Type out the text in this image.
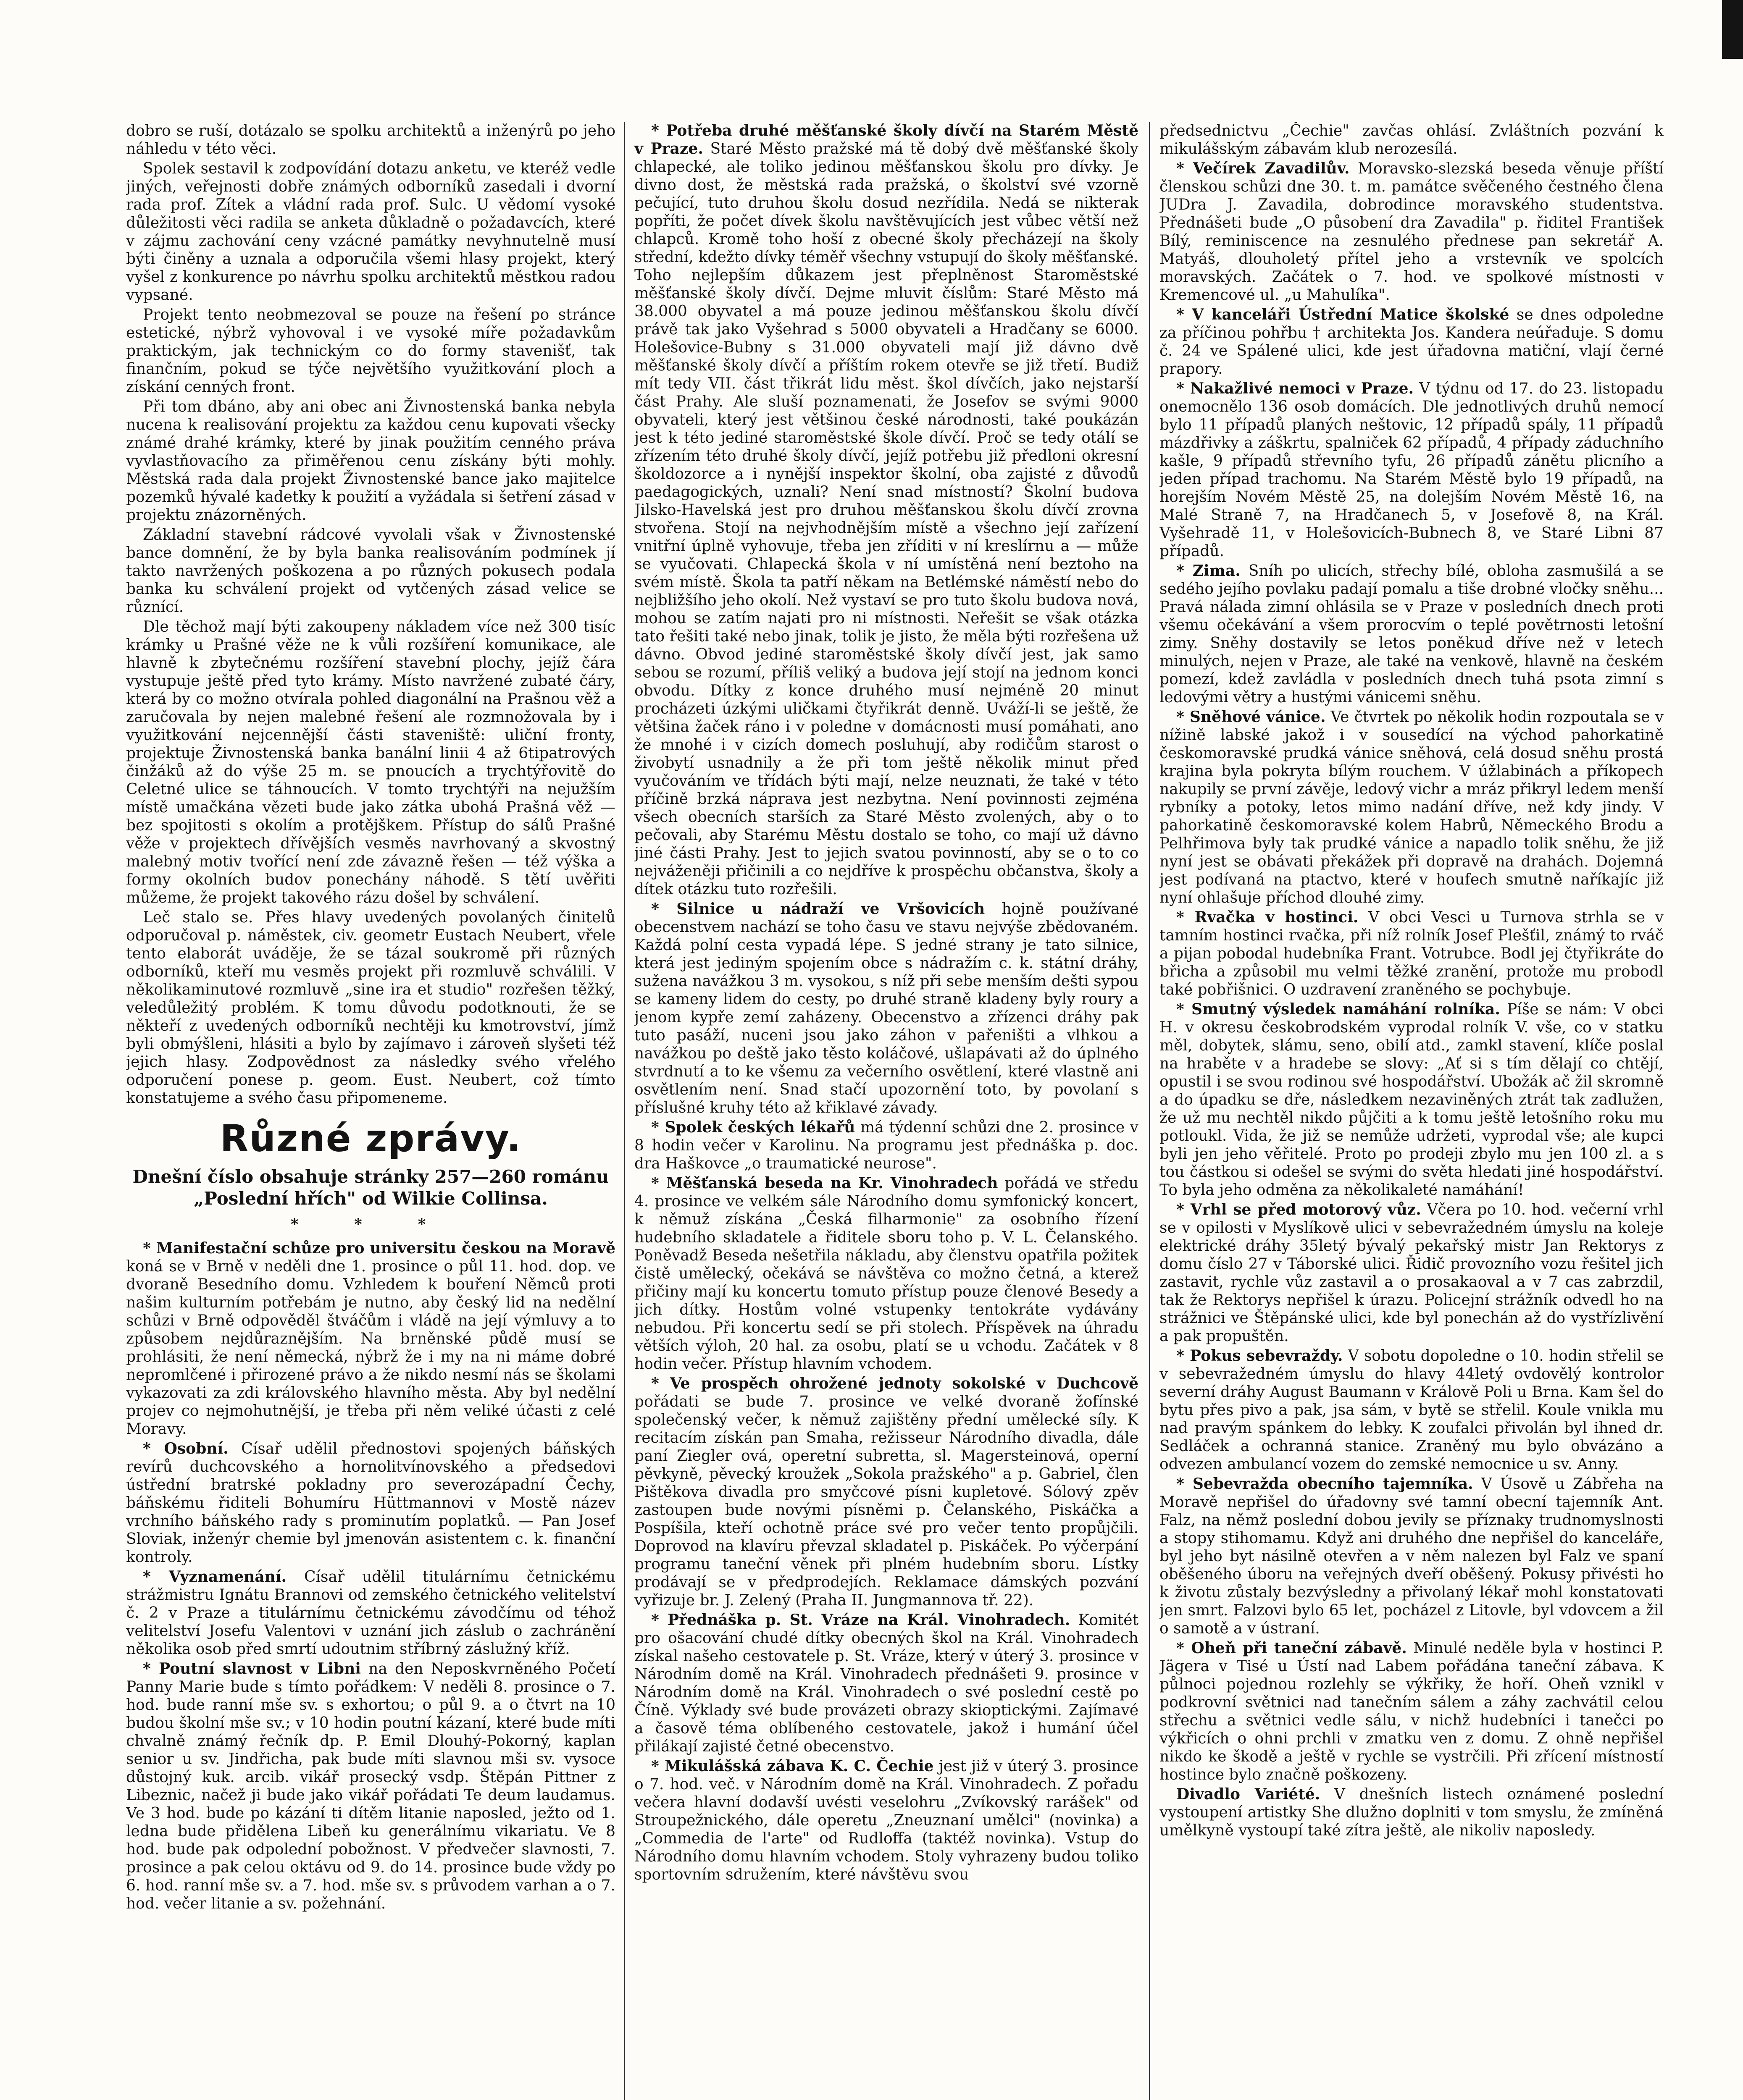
dobro se ruší, dotázalo se spolku architektů a inženýrů po jeho náhledu v této věci.

Spolek sestavil k zodpovídání dotazu anketu, ve kteréž vedle jiných, veřejnosti dobře známých odborníků zasedali i dvorní rada prof. Zítek a vládní rada prof. Sulc. U vědomí vysoké důležitosti věci radila se anketa důkladně o požadavcích, které v zájmu zachování ceny vzácné památky nevyhnutelně musí býti činěny a uznala a odporučila všemi hlasy projekt, který vyšel z konkurence po návrhu spolku architektů městkou radou vypsané.

Projekt tento neobmezoval se pouze na řešení po stránce estetické, nýbrž vyhovoval i ve vysoké míře požadavkům praktickým, jak technickým co do formy stavenišť, tak finančním, pokud se týče největšího využitkování ploch a získání cenných front.

Při tom dbáno, aby ani obec ani Živnostenská banka nebyla nucena k realisování projektu za každou cenu kupovati všecky známé drahé krámky, které by jinak použitím cenného práva vyvlastňovacího za přiměřenou cenu získány býti mohly. Městská rada dala projekt Živnostenské bance jako majitelce pozemků hývalé kadetky k použití a vyžádala si šetření zásad v projektu znázorněných.

Základní stavební rádcové vyvolali však v Živnostenské bance domnění, že by byla banka realisováním podmínek jí takto navržených poškozena a po různých pokusech podala banka ku schválení projekt od vytčených zásad velice se různící.

Dle těchož mají býti zakoupeny nákladem více než 300 tisíc krámky u Prašné věže ne k vůli rozšíření komunikace, ale hlavně k zbytečnému rozšíření stavební plochy, jejíž čára vystupuje ještě před tyto krámy. Místo navržené zubaté čáry, která by co možno otvírala pohled diagonální na Prašnou věž a zaručovala by nejen malebné řešení ale rozmnožovala by i využitkování nejcennější části staveniště: uliční fronty, projektuje Živnostenská banka banální linii 4 až 6tipatrových činžáků až do výše 25 m. se pnoucích a trychtýřovitě do Celetné ulice se táhnoucích. V tomto trychtýři na nejužším místě umačkána vězeti bude jako zátka ubohá Prašná věž — bez spojitosti s okolím a protějškem. Přístup do sálů Prašné věže v projektech dřívějších vesměs navrhovaný a skvostný malebný motiv tvořící není zde závazně řešen — též výška a formy okolních budov ponechány náhodě. S tětí uvěřiti můžeme, že projekt takového rázu došel by schválení.

Leč stalo se. Přes hlavy uvedených povolaných činitelů odporučoval p. náměstek, civ. geometr Eustach Neubert, vřele tento elaborát uváděje, že se tázal soukromě při různých odborníků, kteří mu vesměs projekt při rozmluvě schválili. V několikaminutové rozmluvě „sine ira et studio" rozřešen těžký, veledůležitý problém. K tomu důvodu podotknouti, že se někteří z uvedených odborníků nechtěji ku kmotrovství, jímž byli obmýšleni, hlásiti a bylo by zajímavo i zároveň slyšeti též jejich hlasy. Zodpovědnost za následky svého vřelého odporučení ponese p. geom. Eust. Neubert, což tímto konstatujeme a svého času připomeneme.

Různé zprávy.

Dnešní číslo obsahuje stránky 257—260 románu „Poslední hřích" od Wilkie Collinsa.

* * *

* Manifestační schůze pro universitu českou na Moravě koná se v Brně v neděli dne 1. prosince o půl 11. hod. dop. ve dvoraně Besedního domu. Vzhledem k bouření Němců proti našim kulturním potřebám je nutno, aby český lid na nedělní schůzi v Brně odpověděl štváčům i vládě na její výmluvy a to způsobem nejdůraznějším. Na brněnské půdě musí se prohlásiti, že není německá, nýbrž že i my na ni máme dobré nepromlčené i přirozené právo a že nikdo nesmí nás se školami vykazovati za zdi královského hlavního města. Aby byl nedělní projev co nejmohutnější, je třeba při něm veliké účasti z celé Moravy.

* Osobní. Císař udělil přednostovi spojených báňských revírů duchcovského a hornolitvínovského a předsedovi ústřední bratrské pokladny pro severozápadní Čechy, báňskému řiditeli Bohumíru Hüttmannovi v Mostě název vrchního báňského rady s prominutím poplatků. — Pan Josef Sloviak, inženýr chemie byl jmenován asistentem c. k. finanční kontroly.

* Vyznamenání. Císař udělil titulárnímu četnickému strážmistru Ignátu Brannovi od zemského četnického velitelství č. 2 v Praze a titulárnímu četnickému závodčímu od téhož velitelství Josefu Valentovi v uznání jich záslub o zachránění několika osob před smrtí udoutnim stříbrný záslužný kříž.

* Poutní slavnost v Libni na den Neposkvrněného Početí Panny Marie bude s tímto pořádkem: V neděli 8. prosince o 7. hod. bude ranní mše sv. s exhortou; o půl 9. a o čtvrt na 10 budou školní mše sv.; v 10 hodin poutní kázaní, které bude míti chvalně známý řečník dp. P. Emil Dlouhý-Pokorný, kaplan senior u sv. Jindřicha, pak bude míti slavnou mši sv. vysoce důstojný kuk. arcib. vikář prosecký vsdp. Štěpán Pittner z Libeznic, načež ji bude jako vikář pořádati Te deum laudamus. Ve 3 hod. bude po kázání ti dítěm litanie naposled, ježto od 1. ledna bude přidělena Libeň ku generálnímu vikariatu. Ve 8 hod. bude pak odpolední pobožnost. V předvečer slavnosti, 7. prosince a pak celou oktávu od 9. do 14. prosince bude vždy po 6. hod. ranní mše sv. a 7. hod. mše sv. s průvodem varhan a o 7. hod. večer litanie a sv. požehnání.

* Potřeba druhé měšťanské školy dívčí na Starém Městě v Praze. Staré Město pražské má tě dobý dvě měšťanské školy chlapecké, ale toliko jedinou měšťanskou školu pro dívky. Je divno dost, že městská rada pražská, o školství své vzorně pečující, tuto druhou školu dosud nezřídila. Nedá se nikterak popříti, že počet dívek školu navštěvujících jest vůbec větší než chlapců. Kromě toho hoší z obecné školy přecházejí na školy střední, kdežto dívky téměř všechny vstupují do školy měšťanské. Toho nejlepším důkazem jest přeplněnost Staroměstské měšťanské školy dívčí. Dejme mluvit číslům: Staré Město má 38.000 obyvatel a má pouze jedinou měšťanskou školu dívčí právě tak jako Vyšehrad s 5000 obyvateli a Hradčany se 6000. Holešovice-Bubny s 31.000 obyvateli mají již dávno dvě měšťanské školy dívčí a příštím rokem otevře se již třetí. Budiž mít tedy VII. část třikrát lidu měst. škol dívčích, jako nejstarší část Prahy. Ale sluší poznamenati, že Josefov se svými 9000 obyvateli, který jest většinou české národnosti, také poukázán jest k této jediné staroměstské škole dívčí. Proč se tedy otálí se zřízením této druhé školy dívčí, jejíž potřebu již předloni okresní školdozorce a i nynější inspektor školní, oba zajisté z důvodů paedagogických, uznali? Není snad místností? Školní budova Jilsko-Havelská jest pro druhou měšťanskou školu dívčí zrovna stvořena. Stojí na nejvhodnějším místě a všechno její zařízení vnitřní úplně vyhovuje, třeba jen zříditi v ní kreslírnu a — může se vyučovati. Chlapecká škola v ní umístěná není beztoho na svém místě. Škola ta patří někam na Betlémské náměstí nebo do nejbližšího jeho okolí. Než vystaví se pro tuto školu budova nová, mohou se zatím najati pro ni místnosti. Neřešit se však otázka tato řešiti také nebo jinak, tolik je jisto, že měla býti rozřešena už dávno. Obvod jediné staroměstské školy dívčí jest, jak samo sebou se rozumí, příliš veliký a budova její stojí na jednom konci obvodu. Dítky z konce druhého musí nejméně 20 minut procházeti úzkými uličkami čtyřikrát denně. Uváží-li se ještě, že většina žaček ráno i v poledne v domácnosti musí pomáhati, ano že mnohé i v cizích domech posluhují, aby rodičům starost o živobytí usnadnily a že při tom ještě několik minut před vyučováním ve třídách býti mají, nelze neuznati, že také v této příčině brzká náprava jest nezbytna. Není povinnosti zejména všech obecních starších za Staré Město zvolených, aby o to pečovali, aby Starému Městu dostalo se toho, co mají už dávno jiné části Prahy. Jest to jejich svatou povinností, aby se o to co nejváženěji přičinili a co nejdříve k prospěchu občanstva, školy a dítek otázku tuto rozřešili.

* Silnice u nádraží ve Vršovicích hojně používané obecenstvem nachází se toho času ve stavu nejvýše zbědovaném. Každá polní cesta vypadá lépe. S jedné strany je tato silnice, která jest jediným spojením obce s nádražím c. k. státní dráhy, sužena navážkou 3 m. vysokou, s níž při sebe menším dešti sypou se kameny lidem do cesty, po druhé straně kladeny byly roury a jenom kypře zemí zaházeny. Obecenstvo a zřízenci dráhy pak tuto pasáží, nuceni jsou jako záhon v pařeništi a vlhkou a navážkou po deště jako těsto koláčové, ušlapávati až do úplného stvrdnutí a to ke všemu za večerního osvětlení, které vlastně ani osvětlením není. Snad stačí upozornění toto, by povolaní s příslušné kruhy této až křiklavé závady.

* Spolek českých lékařů má týdenní schůzi dne 2. prosince v 8 hodin večer v Karolinu. Na programu jest přednáška p. doc. dra Haškovce „o traumatické neurose".

* Měšťanská beseda na Kr. Vinohradech pořádá ve středu 4. prosince ve velkém sále Národního domu symfonický koncert, k němuž získána „Česká filharmonie" za osobního řízení hudebního skladatele a řiditele sboru toho p. V. L. Čelanského. Poněvadž Beseda nešetřila nákladu, aby členstvu opatřila požitek čistě umělecký, očekává se návštěva co možno četná, a kterež přičiny mají ku koncertu tomuto přístup pouze členové Besedy a jich dítky. Hostům volné vstupenky tentokráte vydávány nebudou. Při koncertu sedí se při stolech. Příspěvek na úhradu větších výloh, 20 hal. za osobu, platí se u vchodu. Začátek v 8 hodin večer. Přístup hlavním vchodem.

* Ve prospěch ohrožené jednoty sokolské v Duchcově pořádati se bude 7. prosince ve velké dvoraně žofínské společenský večer, k němuž zajištěny přední umělecké síly. K recitacím získán pan Smaha, režisseur Národního divadla, dále paní Ziegler ová, operetní subretta, sl. Magersteinová, operní pěvkyně, pěvecký kroužek „Sokola pražského" a p. Gabriel, člen Pištěkova divadla pro smyčcové písni kupletové. Sólový zpěv zastoupen bude novými písněmi p. Čelanského, Piskáčka a Pospíšila, kteří ochotně práce své pro večer tento propůjčili. Doprovod na klavíru převzal skladatel p. Piskáček. Po výčerpání programu taneční věnek při plném hudebním sboru. Lístky prodávají se v předprodejích. Reklamace dámských pozvání vyřizuje br. J. Zelený (Praha II. Jungmannova tř. 22).

* Přednáška p. St. Vráze na Král. Vinohradech. Komitét pro ošacování chudé dítky obecných škol na Král. Vinohradech získal našeho cestovatele p. St. Vráze, který v úterý 3. prosince v Národním domě na Král. Vinohradech přednášeti 9. prosince v Národním domě na Král. Vinohradech o své poslední cestě po Číně. Výklady své bude provázeti obrazy skioptickými. Zajímavé a časově téma oblíbeného cestovatele, jakož i humání účel přilákají zajisté četné obecenstvo.

* Mikulášská zábava K. C. Čechie jest již v úterý 3. prosince o 7. hod. več. v Národním domě na Král. Vinohradech. Z pořadu večera hlavní dodavší uvésti veselohru „Zvíkovský rarášek" od Stroupežnického, dále operetu „Zneuznaní umělci" (novinka) a „Commedia de l'arte" od Rudloffa (taktéž novinka). Vstup do Národního domu hlavním vchodem. Stoly vyhrazeny budou toliko sportovním sdružením, které návštěvu svou

předsednictvu „Čechie" zavčas ohlásí. Zvláštních pozvání k mikulášským zábavám klub nerozesílá.

* Večírek Zavadilův. Moravsko-slezská beseda věnuje příští členskou schůzi dne 30. t. m. památce svěčeného čestného člena JUDra J. Zavadila, dobrodince moravského studentstva. Přednášeti bude „O působení dra Zavadila" p. řiditel František Bílý, reminiscence na zesnulého přednese pan sekretář A. Matyáš, dlouholetý přítel jeho a vrstevník ve spolcích moravských. Začátek o 7. hod. ve spolkové místnosti v Kremencové ul. „u Mahulíka".

* V kanceláři Ústřední Matice školské se dnes odpoledne za příčinou pohřbu † architekta Jos. Kandera neúřaduje. S domu č. 24 ve Spálené ulici, kde jest úřadovna matiční, vlají černé prapory.

* Nakažlivé nemoci v Praze. V týdnu od 17. do 23. listopadu onemocnělo 136 osob domácích. Dle jednotlivých druhů nemocí bylo 11 případů planých neštovic, 12 případů spály, 11 případů mázdřivky a záškrtu, spalniček 62 případů, 4 případy záduchního kašle, 9 případů střevního tyfu, 26 případů zánětu plicního a jeden případ trachomu. Na Starém Městě bylo 19 případů, na horejším Novém Městě 25, na dolejším Novém Městě 16, na Malé Straně 7, na Hradčanech 5, v Josefově 8, na Král. Vyšehradě 11, v Holešovicích-Bubnech 8, ve Staré Libni 87 případů.

* Zima. Sníh po ulicích, střechy bílé, obloha zasmušilá a se sedého jejího povlaku padají pomalu a tiše drobné vločky sněhu... Pravá nálada zimní ohlásila se v Praze v posledních dnech proti všemu očekávání a všem prorocvím o teplé povětrnosti letošní zimy. Sněhy dostavily se letos poněkud dříve než v letech minulých, nejen v Praze, ale také na venkově, hlavně na českém pomezí, kdež zavládla v posledních dnech tuhá psota zimní s ledovými větry a hustými vánicemi sněhu.

* Sněhové vánice. Ve čtvrtek po několik hodin rozpoutala se v nížině labské jakož i v sousedící na východ pahorkatině českomoravské prudká vánice sněhová, celá dosud sněhu prostá krajina byla pokryta bílým rouchem. V úžlabinách a příkopech nakupily se první závěje, ledový vichr a mráz přikryl ledem menší rybníky a potoky, letos mimo nadání dříve, než kdy jindy. V pahorkatině českomoravské kolem Habrů, Německého Brodu a Pelhřimova byly tak prudké vánice a napadlo tolik sněhu, že již nyní jest se obávati překážek při dopravě na drahách. Dojemná jest podívaná na ptactvo, které v houfech smutně naříkajíc již nyní ohlašuje příchod dlouhé zimy.

* Rvačka v hostinci. V obci Vesci u Turnova strhla se v tamním hostinci rvačka, při níž rolník Josef Plešťil, známý to rváč a pijan pobodal hudebníka Frant. Votrubce. Bodl jej čtyřikráte do břicha a způsobil mu velmi těžké zranění, protože mu probodl také pobřišnici. O uzdravení zraněného se pochybuje.

* Smutný výsledek namáhání rolníka. Píše se nám: V obci H. v okresu českobrodském vyprodal rolník V. vše, co v statku měl, dobytek, slámu, seno, obilí atd., zamkl stavení, klíče poslal na hraběte v a hradebe se slovy: „Ať si s tím dělají co chtějí, opustil i se svou rodinou své hospodářství. Ubožák ač žil skromně a do úpadku se dře, následkem nezaviněných ztrát tak zadlužen, že už mu nechtěl nikdo půjčiti a k tomu ještě letošního roku mu potloukl. Vida, že již se nemůže udržeti, vyprodal vše; ale kupci byli jen jeho věřitelé. Proto po prodeji zbylo mu jen 100 zl. a s tou částkou si odešel se svými do světa hledati jiné hospodářství. To byla jeho odměna za několikaleté namáhání!

* Vrhl se před motorový vůz. Včera po 10. hod. večerní vrhl se v opilosti v Myslíkově ulici v sebevražedném úmyslu na koleje elektrické dráhy 35letý bývalý pekařský mistr Jan Rektorys z domu číslo 27 v Táborské ulici. Řidič provozního vozu řešitel jich zastavit, rychle vůz zastavil a o prosakaoval a v 7 cas zabrzdil, tak že Rektorys nepřišel k úrazu. Policejní strážník odvedl ho na strážnici ve Štěpánské ulici, kde byl ponechán až do vystřízlivění a pak propuštěn.

* Pokus sebevraždy. V sobotu dopoledne o 10. hodin střelil se v sebevražedném úmyslu do hlavy 44letý ovdovělý kontrolor severní dráhy August Baumann v Králově Poli u Brna. Kam šel do bytu přes pivo a pak, jsa sám, v bytě se střelil. Koule vnikla mu nad pravým spánkem do lebky. K zoufalci přivolán byl ihned dr. Sedláček a ochranná stanice. Zraněný mu bylo obvázáno a odvezen ambulancí vozem do zemské nemocnice u sv. Anny.

* Sebevražda obecního tajemníka. V Úsově u Zábřeha na Moravě nepřišel do úřadovny své tamní obecní tajemník Ant. Falz, na němž poslední dobou jevily se příznaky trudnomyslnosti a stopy stihomamu. Když ani druhého dne nepřišel do kanceláře, byl jeho byt násilně otevřen a v něm nalezen byl Falz ve spaní oběšeného úboru na veřejných dveří oběšený. Pokusy přivésti ho k životu zůstaly bezvýsledny a přivolaný lékař mohl konstatovati jen smrt. Falzovi bylo 65 let, pocházel z Litovle, byl vdovcem a žil o samotě a v ústraní.

* Oheň při taneční zábavě. Minulé neděle byla v hostinci P. Jägera v Tisé u Ústí nad Labem pořádána taneční zábava. K půlnoci pojednou rozlehly se výkřiky, že hoří. Oheň vznikl v podkrovní světnici nad tanečním sálem a záhy zachvátil celou střechu a světnici vedle sálu, v nichž hudebníci i tanečci po výkřicích o ohni prchli v zmatku ven z domu. Z ohně nepřišel nikdo ke škodě a ještě v rychle se vystrčili. Při zřícení místností hostince bylo značně poškozeny.

Divadlo Variété. V dnešních listech oznámené poslední vystoupení artistky She dlužno doplniti v tom smyslu, že zmíněná umělkyně vystoupí také zítra ještě, ale nikoliv naposledy.
